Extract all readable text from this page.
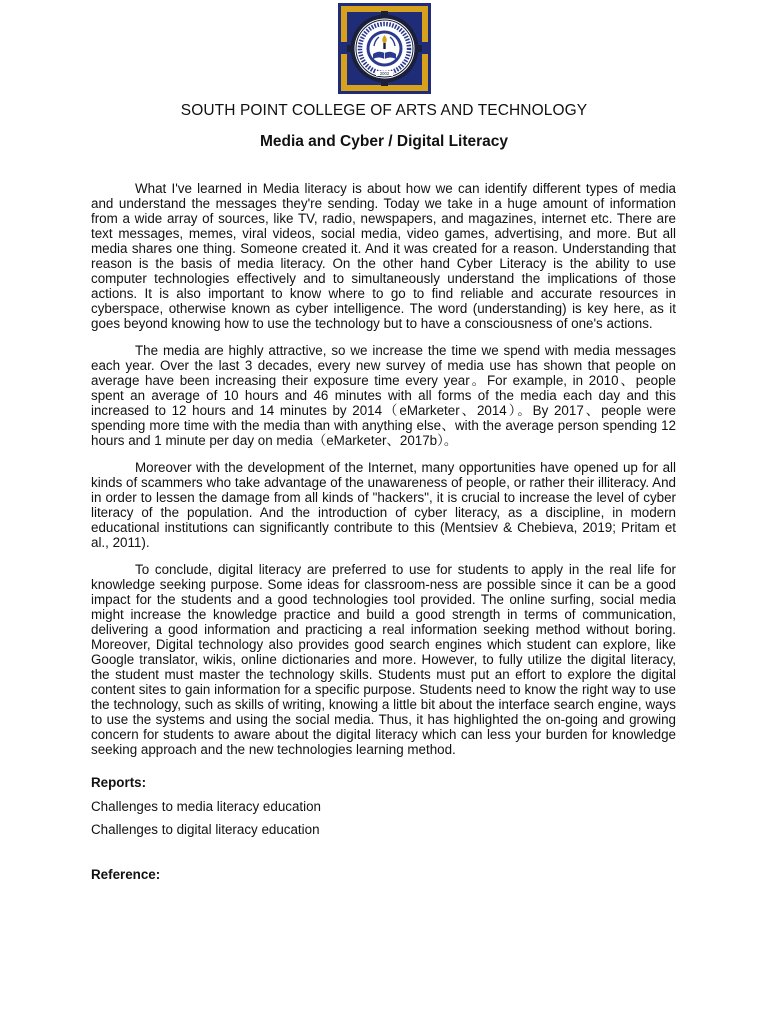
2002
SOUTH POINT COLLEGE OF ARTS AND TECHNOLOGY
Media and Cyber / Digital Literacy

What I've learned in Media literacy is about how we can identify different types of media and understand the messages they're sending. Today we take in a huge amount of information from a wide array of sources, like TV, radio, newspapers, and magazines, internet etc. There are text messages, memes, viral videos, social media, video games, advertising, and more. But all media shares one thing. Someone created it. And it was created for a reason. Understanding that reason is the basis of media literacy. On the other hand Cyber Literacy is the ability to use computer technologies effectively and to simultaneously understand the implications of those actions. It is also important to know where to go to find reliable and accurate resources in cyberspace, otherwise known as cyber intelligence. The word (understanding) is key here, as it goes beyond knowing how to use the technology but to have a consciousness of one's actions.

The media are highly attractive, so we increase the time we spend with media messages each year. Over the last 3 decades, every new survey of media use has shown that people on average have been increasing their exposure time every year。For example, in 2010、people spent an average of 10 hours and 46 minutes with all forms of the media each day and this increased to 12 hours and 14 minutes by 2014（eMarketer、2014）。By 2017、people were spending more time with the media than with anything else、with the average person spending 12 hours and 1 minute per day on media（eMarketer、2017b）。

Moreover with the development of the Internet, many opportunities have opened up for all kinds of scammers who take advantage of the unawareness of people, or rather their illiteracy. And in order to lessen the damage from all kinds of "hackers", it is crucial to increase the level of cyber literacy of the population. And the introduction of cyber literacy, as a discipline, in modern educational institutions can significantly contribute to this (Mentsiev & Chebieva, 2019; Pritam et al., 2011).

To conclude, digital literacy are preferred to use for students to apply in the real life for knowledge seeking purpose. Some ideas for classroom-ness are possible since it can be a good impact for the students and a good technologies tool provided. The online surfing, social media might increase the knowledge practice and build a good strength in terms of communication, delivering a good information and practicing a real information seeking method without boring. Moreover, Digital technology also provides good search engines which student can explore, like Google translator, wikis, online dictionaries and more. However, to fully utilize the digital literacy, the student must master the technology skills. Students must put an effort to explore the digital content sites to gain information for a specific purpose. Students need to know the right way to use the technology, such as skills of writing, knowing a little bit about the interface search engine, ways to use the systems and using the social media. Thus, it has highlighted the on-going and growing concern for students to aware about the digital literacy which can less your burden for knowledge seeking approach and the new technologies learning method.

Reports:
Challenges to media literacy education
Challenges to digital literacy education
Reference:
